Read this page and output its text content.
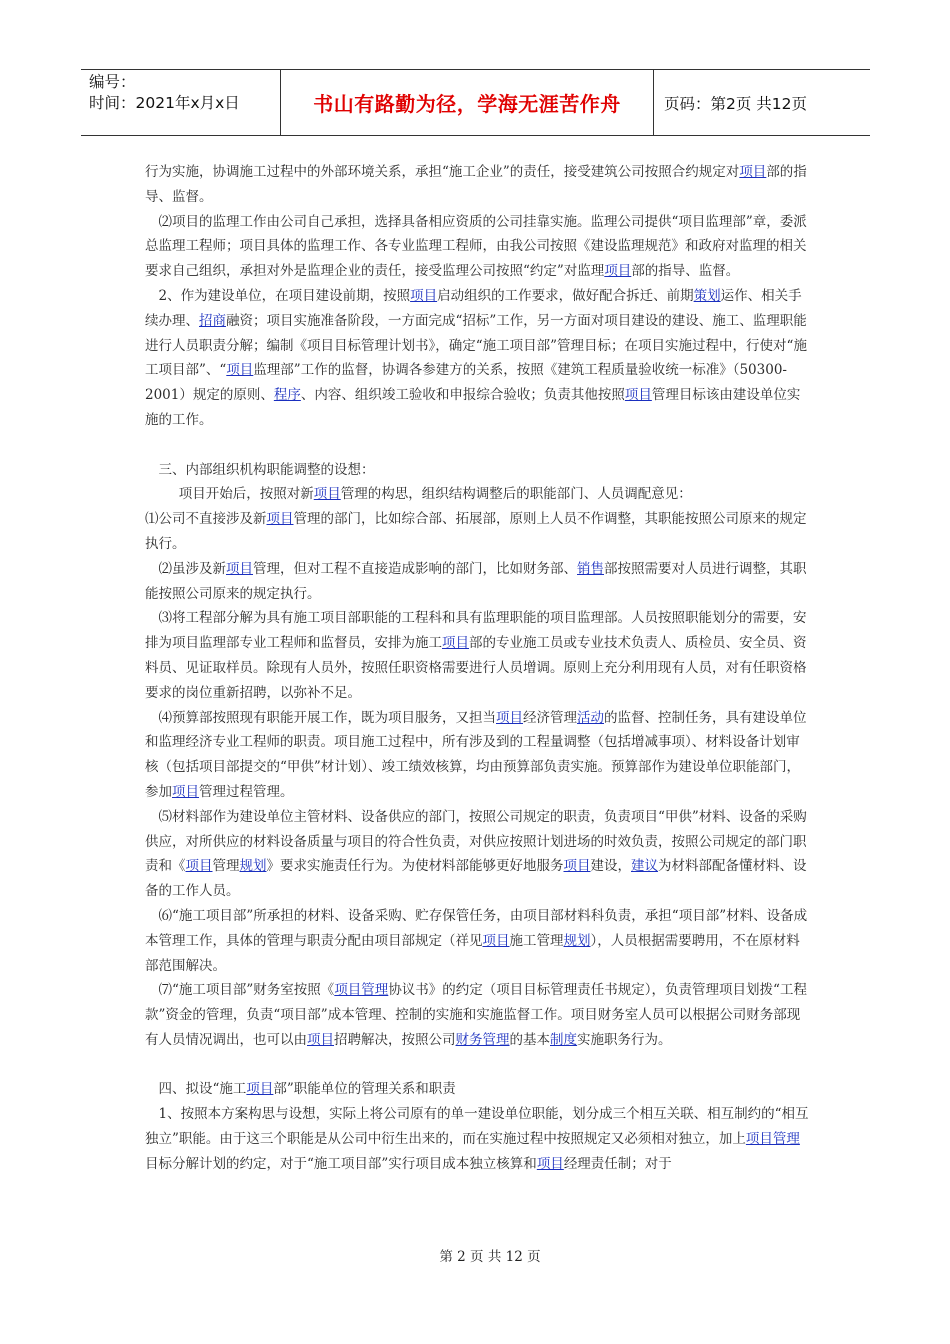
编号：
时间：2021年x月x日	书山有路勤为径，学海无涯苦作舟	页码：第2页 共12页

行为实施，协调施工过程中的外部环境关系，承担“施工企业”的责任，接受建筑公司按照合约规定对项目部的指导、监督。

⑵项目的监理工作由公司自己承担，选择具备相应资质的公司挂靠实施。监理公司提供“项目监理部”章，委派总监理工程师；项目具体的监理工作、各专业监理工程师，由我公司按照《建设监理规范》和政府对监理的相关要求自己组织，承担对外是监理企业的责任，接受监理公司按照“约定”对监理项目部的指导、监督。

2、作为建设单位，在项目建设前期，按照项目启动组织的工作要求，做好配合拆迁、前期策划运作、相关手续办理、招商融资；项目实施准备阶段，一方面完成“招标”工作，另一方面对项目建设的建设、施工、监理职能进行人员职责分解；编制《项目目标管理计划书》，确定“施工项目部”管理目标；在项目实施过程中，行使对“施工项目部”、“项目监理部”工作的监督，协调各参建方的关系，按照《建筑工程质量验收统一标准》（50300-2001）规定的原则、程序、内容、组织竣工验收和申报综合验收；负责其他按照项目管理目标该由建设单位实施的工作。

三、内部组织机构职能调整的设想：

项目开始后，按照对新项目管理的构思，组织结构调整后的职能部门、人员调配意见：

⑴公司不直接涉及新项目管理的部门，比如综合部、拓展部，原则上人员不作调整，其职能按照公司原来的规定执行。

⑵虽涉及新项目管理，但对工程不直接造成影响的部门，比如财务部、销售部按照需要对人员进行调整，其职能按照公司原来的规定执行。

⑶将工程部分解为具有施工项目部职能的工程科和具有监理职能的项目监理部。人员按照职能划分的需要，安排为项目监理部专业工程师和监督员，安排为施工项目部的专业施工员或专业技术负责人、质检员、安全员、资料员、见证取样员。除现有人员外，按照任职资格需要进行人员增调。原则上充分利用现有人员，对有任职资格要求的岗位重新招聘，以弥补不足。

⑷预算部按照现有职能开展工作，既为项目服务，又担当项目经济管理活动的监督、控制任务，具有建设单位和监理经济专业工程师的职责。项目施工过程中，所有涉及到的工程量调整（包括增减事项）、材料设备计划审核（包括项目部提交的“甲供”材计划）、竣工绩效核算，均由预算部负责实施。预算部作为建设单位职能部门，参加项目管理过程管理。

⑸材料部作为建设单位主管材料、设备供应的部门，按照公司规定的职责，负责项目“甲供”材料、设备的采购供应，对所供应的材料设备质量与项目的符合性负责，对供应按照计划进场的时效负责，按照公司规定的部门职责和《项目管理规划》要求实施责任行为。为使材料部能够更好地服务项目建设，建议为材料部配备懂材料、设备的工作人员。

⑹“施工项目部”所承担的材料、设备采购、贮存保管任务，由项目部材料科负责，承担“项目部”材料、设备成本管理工作，具体的管理与职责分配由项目部规定（祥见项目施工管理规划），人员根据需要聘用，不在原材料部范围解决。

⑺“施工项目部”财务室按照《项目管理协议书》的约定（项目目标管理责任书规定），负责管理项目划拨“工程款”资金的管理，负责“项目部”成本管理、控制的实施和实施监督工作。项目财务室人员可以根据公司财务部现有人员情况调出，也可以由项目招聘解决，按照公司财务管理的基本制度实施职务行为。

四、拟设“施工项目部”职能单位的管理关系和职责

1、按照本方案构思与设想，实际上将公司原有的单一建设单位职能，划分成三个相互关联、相互制约的“相互独立”职能。由于这三个职能是从公司中衍生出来的，而在实施过程中按照规定又必须相对独立，加上项目管理目标分解计划的约定，对于“施工项目部”实行项目成本独立核算和项目经理责任制；对于

第 2 页 共 12 页
